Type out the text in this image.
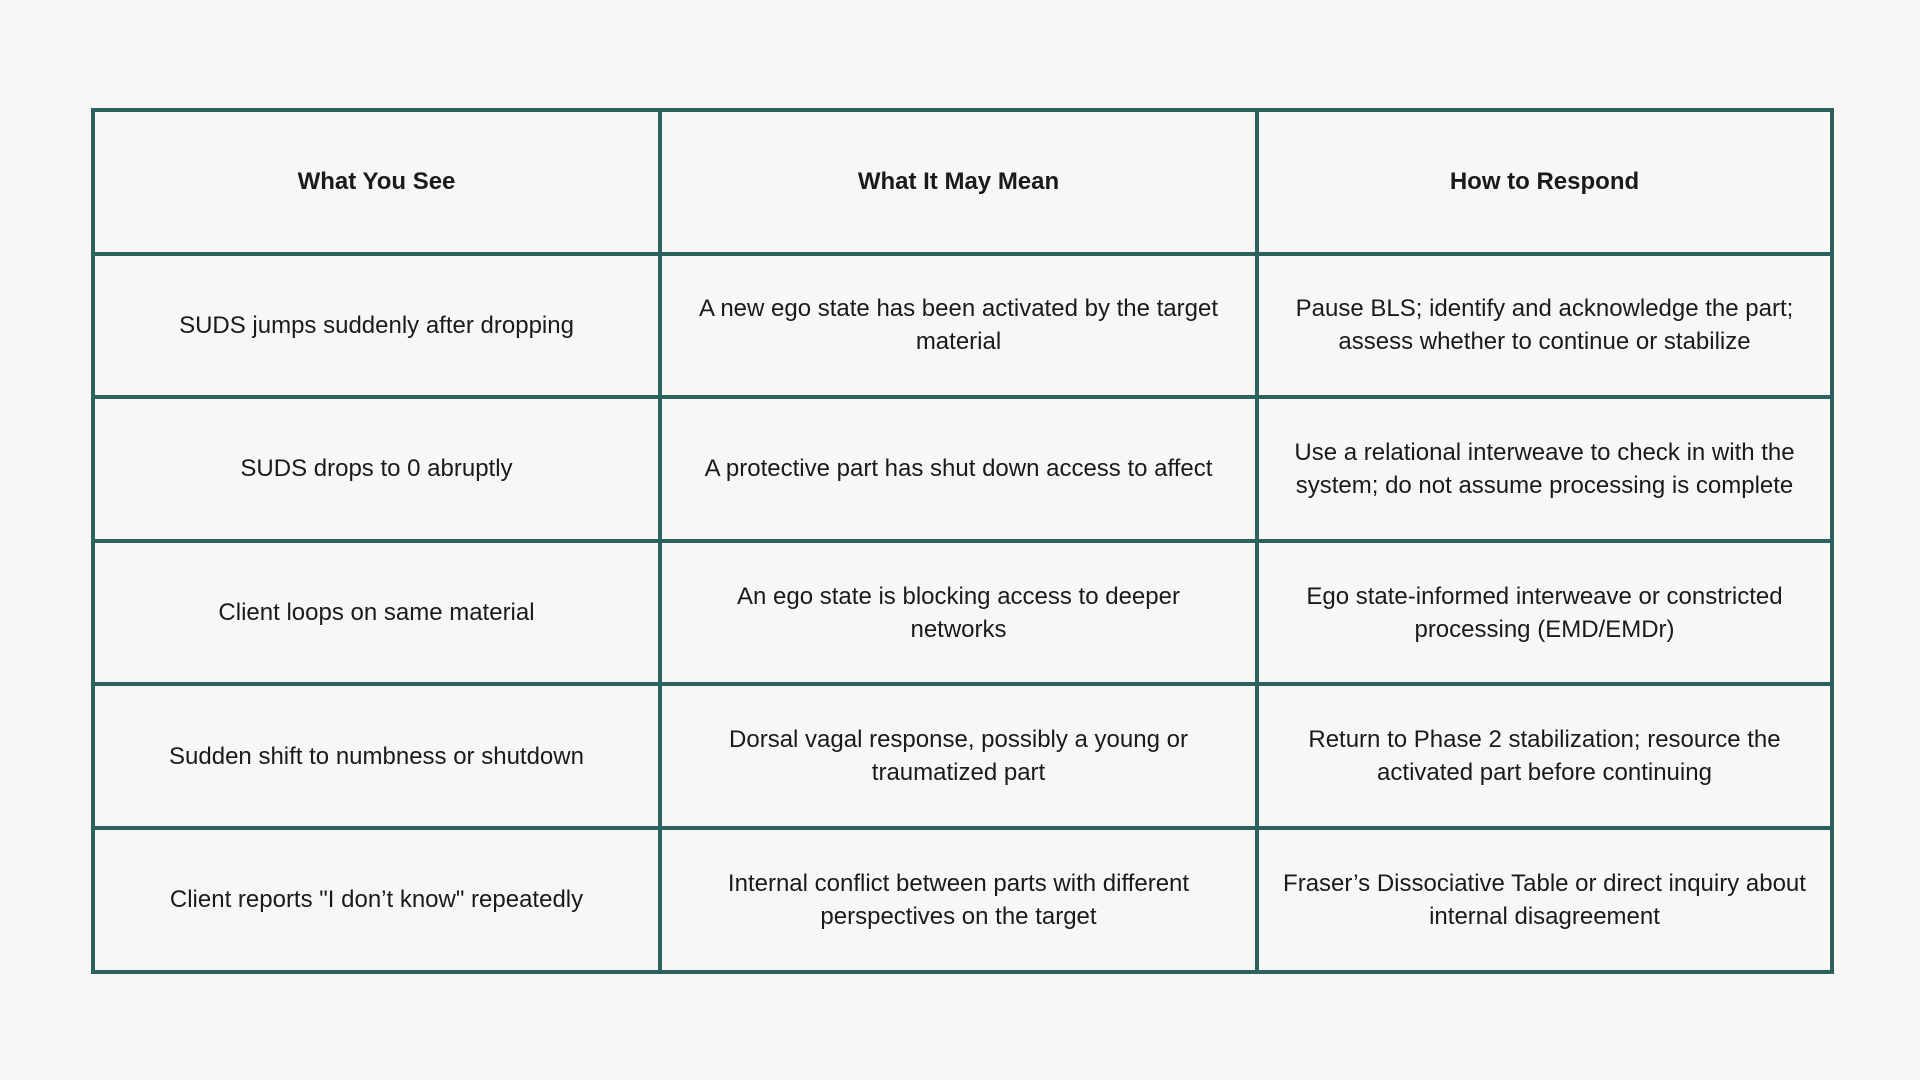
What You See	What It May Mean	How to Respond
SUDS jumps suddenly after dropping	A new ego state has been activated by the target material	Pause BLS; identify and acknowledge the part; assess whether to continue or stabilize
SUDS drops to 0 abruptly	A protective part has shut down access to affect	Use a relational interweave to check in with the system; do not assume processing is complete
Client loops on same material	An ego state is blocking access to deeper networks	Ego state-informed interweave or constricted processing (EMD/EMDr)
Sudden shift to numbness or shutdown	Dorsal vagal response, possibly a young or traumatized part	Return to Phase 2 stabilization; resource the activated part before continuing
Client reports "I don’t know" repeatedly	Internal conflict between parts with different perspectives on the target	Fraser’s Dissociative Table or direct inquiry about internal disagreement
